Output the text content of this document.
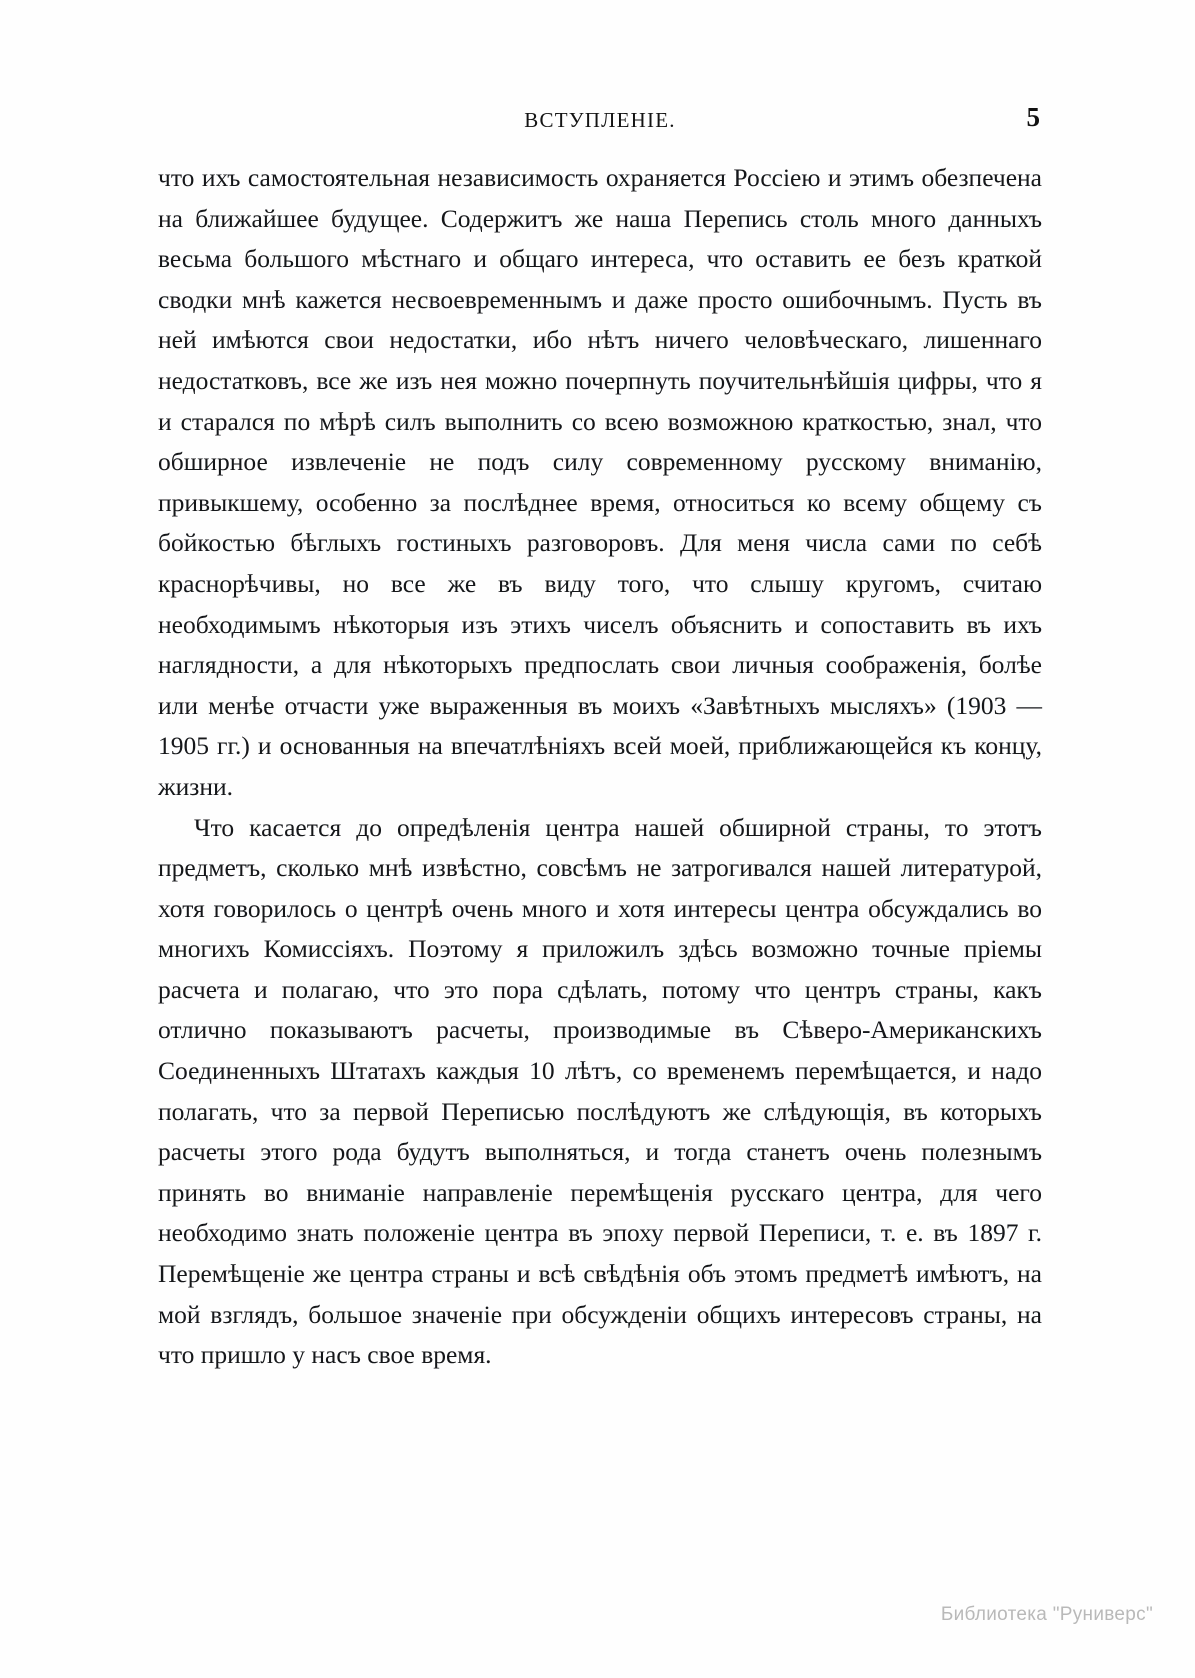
ВСТУПЛЕНІЕ.	5

что ихъ самостоятельная независимость охраняется Россiею и этимъ обезпечена на ближайшее будущее. Содержитъ же наша Перепись столь много данныхъ весьма большого мѣстнаго и общаго интереса, что оставить ее безъ краткой сводки мнѣ кажется несвоевременнымъ и даже просто ошибочнымъ. Пусть въ ней имѣются свои недостатки, ибо нѣтъ ничего человѣческаго, лишеннаго недостатковъ, все же изъ нея можно почерпнуть поучительнѣйшія цифры, что я и старался по мѣрѣ силъ выполнить со всею возможною краткостью, знал, что обширное извлеченiе не подъ силу современному русскому вниманiю, привыкшему, особенно за послѣднее время, относиться ко всему общему съ бойкостью бѣглыхъ гостиныхъ разговоровъ. Для меня числа сами по себѣ краснорѣчивы, но все же въ виду того, что слышу кругомъ, считаю необходимымъ нѣкоторыя изъ этихъ чиселъ объяснить и сопоставить въ ихъ наглядности, а для нѣкоторыхъ предпослать свои личныя соображенія, болѣе или менѣе отчасти уже выраженныя въ моихъ «Завѣтныхъ мысляхъ» (1903 — 1905 гг.) и основанныя на впечатлѣніяхъ всей моей, приближающейся къ концу, жизни.

Что касается до опредѣленія центра нашей обширной страны, то этотъ предметъ, сколько мнѣ извѣстно, совсѣмъ не затрогивался нашей литературой, хотя говорилось о центрѣ очень много и хотя интересы центра обсуждались во многихъ Комиссіяхъ. Поэтому я приложилъ здѣсь возможно точные пріемы расчета и полагаю, что это пора сдѣлать, потому что центръ страны, какъ отлично показываютъ расчеты, производимые въ Сѣверо-Американскихъ Соединенныхъ Штатахъ каждыя 10 лѣтъ, со временемъ перемѣщается, и надо полагать, что за первой Переписью послѣдуютъ же слѣдующія, въ которыхъ расчеты этого рода будутъ выполняться, и тогда станетъ очень полезнымъ принять во вниманіе направленіе перемѣщенія русскаго центра, для чего необходимо знать положеніе центра въ эпоху первой Переписи, т. е. въ 1897 г. Перемѣщеніе же центра страны и всѣ свѣдѣнія объ этомъ предметѣ имѣютъ, на мой взглядъ, большое значеніе при обсужденіи общихъ интересовъ страны, на что пришло у насъ свое время.

Библиотека "Руниверс"
